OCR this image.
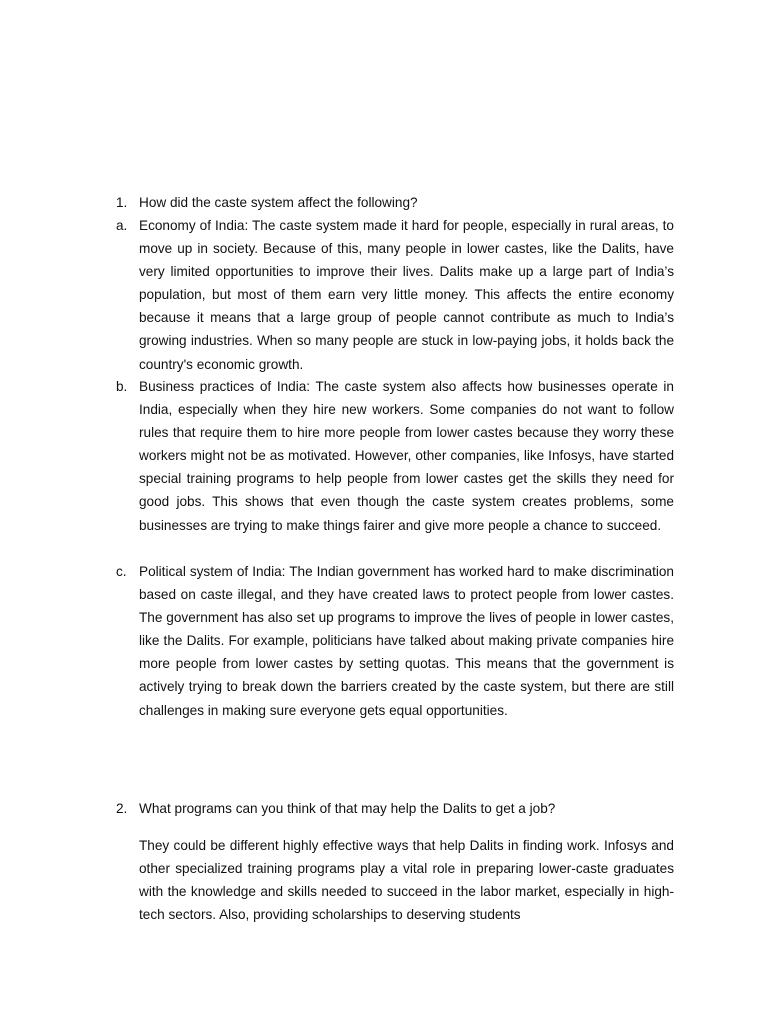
1. How did the caste system affect the following?
a. Economy of India: The caste system made it hard for people, especially in rural areas, to move up in society. Because of this, many people in lower castes, like the Dalits, have very limited opportunities to improve their lives. Dalits make up a large part of India’s population, but most of them earn very little money. This affects the entire economy because it means that a large group of people cannot contribute as much to India’s growing industries. When so many people are stuck in low-paying jobs, it holds back the country's economic growth.
b. Business practices of India: The caste system also affects how businesses operate in India, especially when they hire new workers. Some companies do not want to follow rules that require them to hire more people from lower castes because they worry these workers might not be as motivated. However, other companies, like Infosys, have started special training programs to help people from lower castes get the skills they need for good jobs. This shows that even though the caste system creates problems, some businesses are trying to make things fairer and give more people a chance to succeed.
c. Political system of India: The Indian government has worked hard to make discrimination based on caste illegal, and they have created laws to protect people from lower castes. The government has also set up programs to improve the lives of people in lower castes, like the Dalits. For example, politicians have talked about making private companies hire more people from lower castes by setting quotas. This means that the government is actively trying to break down the barriers created by the caste system, but there are still challenges in making sure everyone gets equal opportunities.
2. What programs can you think of that may help the Dalits to get a job?
They could be different highly effective ways that help Dalits in finding work. Infosys and other specialized training programs play a vital role in preparing lower-caste graduates with the knowledge and skills needed to succeed in the labor market, especially in high-tech sectors. Also, providing scholarships to deserving students
